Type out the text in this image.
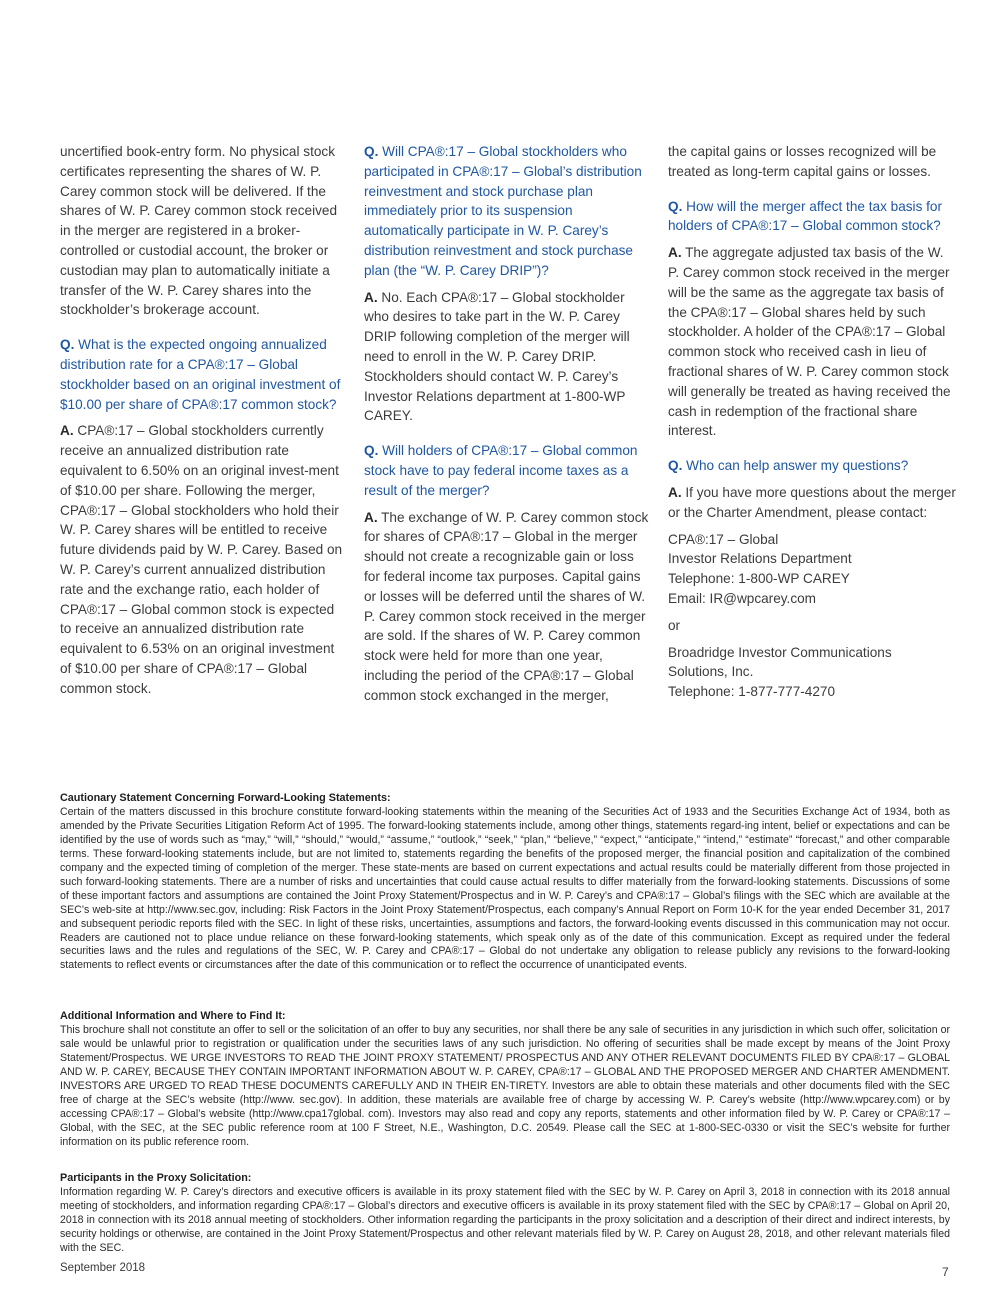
uncertified book-entry form. No physical stock certificates representing the shares of W. P. Carey common stock will be delivered. If the shares of W. P. Carey common stock received in the merger are registered in a broker-controlled or custodial account, the broker or custodian may plan to automatically initiate a transfer of the W. P. Carey shares into the stockholder’s brokerage account.

Q. What is the expected ongoing annualized distribution rate for a CPA®:17 – Global stockholder based on an original investment of $10.00 per share of CPA®:17 common stock?

A. CPA®:17 – Global stockholders currently receive an annualized distribution rate equivalent to 6.50% on an original invest-ment of $10.00 per share. Following the merger, CPA®:17 – Global stockholders who hold their W. P. Carey shares will be entitled to receive future dividends paid by W. P. Carey. Based on W. P. Carey’s current annualized distribution rate and the exchange ratio, each holder of CPA®:17 – Global common stock is expected to receive an annualized distribution rate equivalent to 6.53% on an original investment of $10.00 per share of CPA®:17 – Global common stock.

Q. Will CPA®:17 – Global stockholders who participated in CPA®:17 – Global’s distribution reinvestment and stock purchase plan immediately prior to its suspension automatically participate in W. P. Carey’s distribution reinvestment and stock purchase plan (the “W. P. Carey DRIP”)?

A. No. Each CPA®:17 – Global stockholder who desires to take part in the W. P. Carey DRIP following completion of the merger will need to enroll in the W. P. Carey DRIP. Stockholders should contact W. P. Carey’s Investor Relations department at 1-800-WP CAREY.

Q. Will holders of CPA®:17 – Global common stock have to pay federal income taxes as a result of the merger?

A. The exchange of W. P. Carey common stock for shares of CPA®:17 – Global in the merger should not create a recognizable gain or loss for federal income tax purposes. Capital gains or losses will be deferred until the shares of W. P. Carey common stock received in the merger are sold. If the shares of W. P. Carey common stock were held for more than one year, including the period of the CPA®:17 – Global common stock exchanged in the merger,

the capital gains or losses recognized will be treated as long-term capital gains or losses.

Q. How will the merger affect the tax basis for holders of CPA®:17 – Global common stock?

A. The aggregate adjusted tax basis of the W. P. Carey common stock received in the merger will be the same as the aggregate tax basis of the CPA®:17 – Global shares held by such stockholder. A holder of the CPA®:17 – Global common stock who received cash in lieu of fractional shares of W. P. Carey common stock will generally be treated as having received the cash in redemption of the fractional share interest.

Q. Who can help answer my questions?

A. If you have more questions about the merger or the Charter Amendment, please contact:

CPA®:17 – Global

Investor Relations Department

Telephone: 1-800-WP CAREY

Email: IR@wpcarey.com

or

Broadridge Investor Communications

Solutions, Inc.

Telephone: 1-877-777-4270

Cautionary Statement Concerning Forward-Looking Statements:

Certain of the matters discussed in this brochure constitute forward-looking statements within the meaning of the Securities Act of 1933 and the Securities Exchange Act of 1934, both as amended by the Private Securities Litigation Reform Act of 1995. The forward-looking statements include, among other things, statements regard-ing intent, belief or expectations and can be identified by the use of words such as “may,” “will,” “should,” “would,” “assume,” “outlook,” “seek,” “plan,” “believe,” “expect,” “anticipate,” “intend,” “estimate” “forecast,” and other comparable terms. These forward-looking statements include, but are not limited to, statements regarding the benefits of the proposed merger, the financial position and capitalization of the combined company and the expected timing of completion of the merger. These state-ments are based on current expectations and actual results could be materially different from those projected in such forward-looking statements. There are a number of risks and uncertainties that could cause actual results to differ materially from the forward-looking statements. Discussions of some of these important factors and assumptions are contained the Joint Proxy Statement/Prospectus and in W. P. Carey’s and CPA®:17 – Global’s filings with the SEC which are available at the SEC’s web-site at http://www.sec.gov, including: Risk Factors in the Joint Proxy Statement/Prospectus, each company’s Annual Report on Form 10-K for the year ended December 31, 2017 and subsequent periodic reports filed with the SEC. In light of these risks, uncertainties, assumptions and factors, the forward-looking events discussed in this communication may not occur. Readers are cautioned not to place undue reliance on these forward-looking statements, which speak only as of the date of this communication. Except as required under the federal securities laws and the rules and regulations of the SEC, W. P. Carey and CPA®:17 – Global do not undertake any obligation to release publicly any revisions to the forward-looking statements to reflect events or circumstances after the date of this communication or to reflect the occurrence of unanticipated events.

Additional Information and Where to Find It:

This brochure shall not constitute an offer to sell or the solicitation of an offer to buy any securities, nor shall there be any sale of securities in any jurisdiction in which such offer, solicitation or sale would be unlawful prior to registration or qualification under the securities laws of any such jurisdiction. No offering of securities shall be made except by means of the Joint Proxy Statement/Prospectus. WE URGE INVESTORS TO READ THE JOINT PROXY STATEMENT/ PROSPECTUS AND ANY OTHER RELEVANT DOCUMENTS FILED BY CPA®:17 – GLOBAL AND W. P. CAREY, BECAUSE THEY CONTAIN IMPORTANT INFORMATION ABOUT W. P. CAREY, CPA®:17 – GLOBAL AND THE PROPOSED MERGER AND CHARTER AMENDMENT. INVESTORS ARE URGED TO READ THESE DOCUMENTS CAREFULLY AND IN THEIR EN-TIRETY. Investors are able to obtain these materials and other documents filed with the SEC free of charge at the SEC’s website (http://www. sec.gov). In addition, these materials are available free of charge by accessing W. P. Carey’s website (http://www.wpcarey.com) or by accessing CPA®:17 – Global’s website (http://www.cpa17global. com). Investors may also read and copy any reports, statements and other information filed by W. P. Carey or CPA®:17 – Global, with the SEC, at the SEC public reference room at 100 F Street, N.E., Washington, D.C. 20549. Please call the SEC at 1-800-SEC-0330 or visit the SEC’s website for further information on its public reference room.

Participants in the Proxy Solicitation:

Information regarding W. P. Carey’s directors and executive officers is available in its proxy statement filed with the SEC by W. P. Carey on April 3, 2018 in connection with its 2018 annual meeting of stockholders, and information regarding CPA®:17 – Global’s directors and executive officers is available in its proxy statement filed with the SEC by CPA®:17 – Global on April 20, 2018 in connection with its 2018 annual meeting of stockholders. Other information regarding the participants in the proxy solicitation and a description of their direct and indirect interests, by security holdings or otherwise, are contained in the Joint Proxy Statement/Prospectus and other relevant materials filed by W. P. Carey on August 28, 2018, and other relevant materials filed with the SEC.

September 2018	7
